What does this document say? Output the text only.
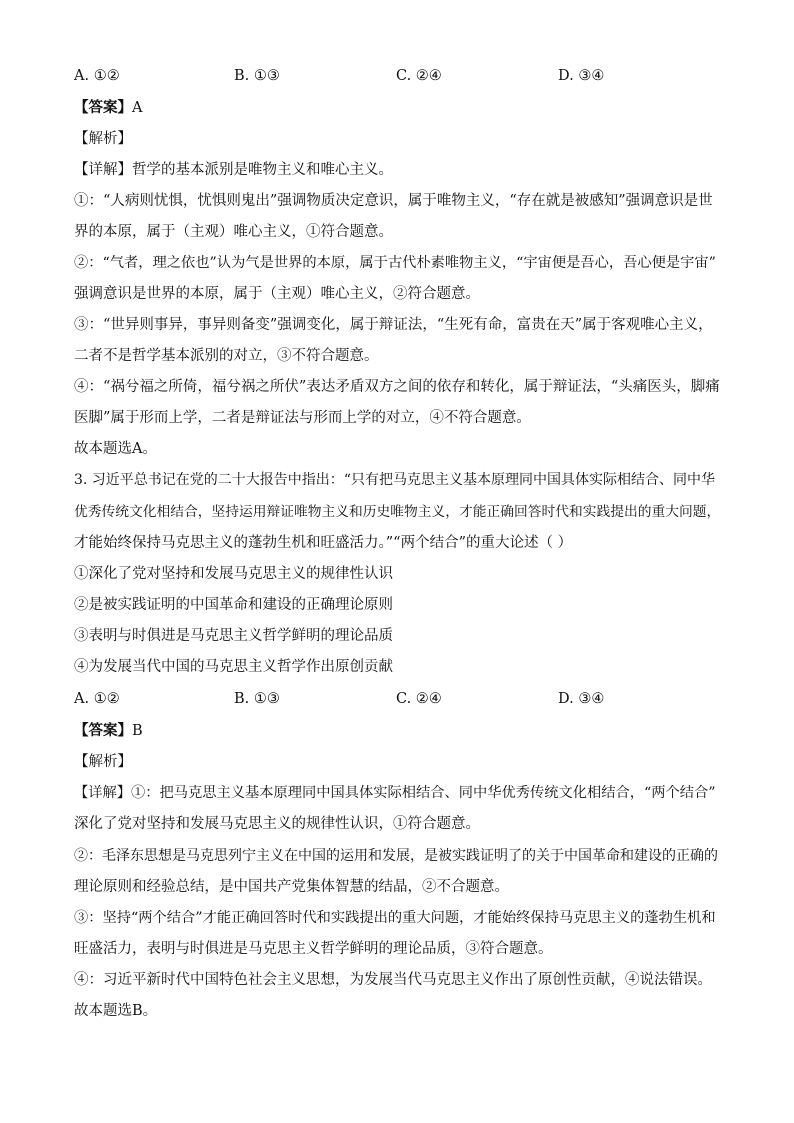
A. ①②	B. ①③	C. ②④	D. ③④
【答案】A
【解析】
【详解】哲学的基本派别是唯物主义和唯心主义。
①：“人病则忧惧，忧惧则鬼出”强调物质决定意识，属于唯物主义，“存在就是被感知”强调意识是世
界的本原，属于（主观）唯心主义，①符合题意。
②：“气者，理之依也”认为气是世界的本原，属于古代朴素唯物主义，“宇宙便是吾心，吾心便是宇宙”
强调意识是世界的本原，属于（主观）唯心主义，②符合题意。
③：“世异则事异，事异则备变”强调变化，属于辩证法，“生死有命，富贵在天”属于客观唯心主义，
二者不是哲学基本派别的对立，③不符合题意。
④：“祸兮福之所倚，福兮祸之所伏”表达矛盾双方之间的依存和转化，属于辩证法，“头痛医头，脚痛
医脚”属于形而上学，二者是辩证法与形而上学的对立，④不符合题意。
故本题选A。
3. 习近平总书记在党的二十大报告中指出：“只有把马克思主义基本原理同中国具体实际相结合、同中华
优秀传统文化相结合，坚持运用辩证唯物主义和历史唯物主义，才能正确回答时代和实践提出的重大问题，
才能始终保持马克思主义的蓬勃生机和旺盛活力。”“两个结合”的重大论述（ ）
①深化了党对坚持和发展马克思主义的规律性认识
②是被实践证明的中国革命和建设的正确理论原则
③表明与时俱进是马克思主义哲学鲜明的理论品质
④为发展当代中国的马克思主义哲学作出原创贡献
A. ①②	B. ①③	C. ②④	D. ③④
【答案】B
【解析】
【详解】①：把马克思主义基本原理同中国具体实际相结合、同中华优秀传统文化相结合，“两个结合”
深化了党对坚持和发展马克思主义的规律性认识，①符合题意。
②：毛泽东思想是马克思列宁主义在中国的运用和发展，是被实践证明了的关于中国革命和建设的正确的
理论原则和经验总结，是中国共产党集体智慧的结晶，②不合题意。
③：坚持“两个结合”才能正确回答时代和实践提出的重大问题，才能始终保持马克思主义的蓬勃生机和
旺盛活力，表明与时俱进是马克思主义哲学鲜明的理论品质，③符合题意。
④：习近平新时代中国特色社会主义思想，为发展当代马克思主义作出了原创性贡献，④说法错误。
故本题选B。
